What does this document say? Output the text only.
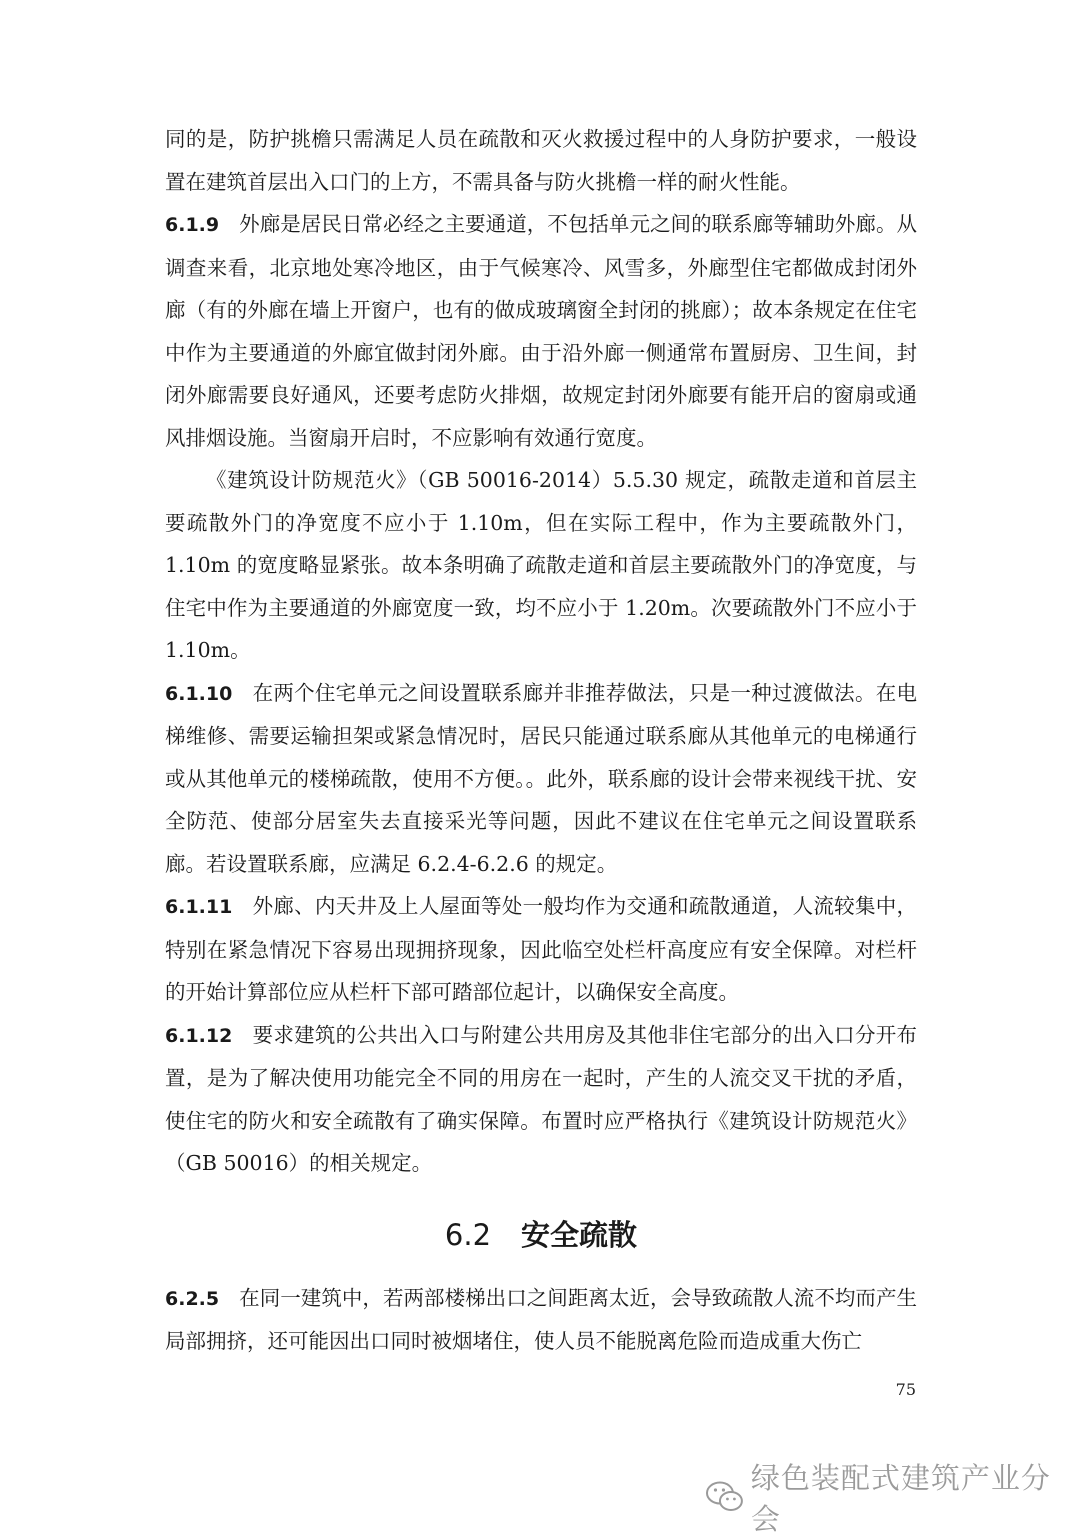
同的是，防护挑檐只需满足人员在疏散和灭火救援过程中的人身防护要求，一般设置在建筑首层出入口门的上方，不需具备与防火挑檐一样的耐火性能。

6.1.9 外廊是居民日常必经之主要通道，不包括单元之间的联系廊等辅助外廊。从调查来看，北京地处寒冷地区，由于气候寒冷、风雪多，外廊型住宅都做成封闭外廊（有的外廊在墙上开窗户，也有的做成玻璃窗全封闭的挑廊）；故本条规定在住宅中作为主要通道的外廊宜做封闭外廊。由于沿外廊一侧通常布置厨房、卫生间，封闭外廊需要良好通风，还要考虑防火排烟，故规定封闭外廊要有能开启的窗扇或通风排烟设施。当窗扇开启时，不应影响有效通行宽度。

《建筑设计防规范火》（GB 50016-2014）5.5.30 规定，疏散走道和首层主要疏散外门的净宽度不应小于 1.10m，但在实际工程中，作为主要疏散外门，1.10m 的宽度略显紧张。故本条明确了疏散走道和首层主要疏散外门的净宽度，与住宅中作为主要通道的外廊宽度一致，均不应小于 1.20m。次要疏散外门不应小于 1.10m。

6.1.10 在两个住宅单元之间设置联系廊并非推荐做法，只是一种过渡做法。在电梯维修、需要运输担架或紧急情况时，居民只能通过联系廊从其他单元的电梯通行或从其他单元的楼梯疏散，使用不方便。。此外，联系廊的设计会带来视线干扰、安全防范、使部分居室失去直接采光等问题，因此不建议在住宅单元之间设置联系廊。若设置联系廊，应满足 6.2.4-6.2.6 的规定。

6.1.11 外廊、内天井及上人屋面等处一般均作为交通和疏散通道，人流较集中，特别在紧急情况下容易出现拥挤现象，因此临空处栏杆高度应有安全保障。对栏杆的开始计算部位应从栏杆下部可踏部位起计，以确保安全高度。

6.1.12 要求建筑的公共出入口与附建公共用房及其他非住宅部分的出入口分开布置，是为了解决使用功能完全不同的用房在一起时，产生的人流交叉干扰的矛盾，使住宅的防火和安全疏散有了确实保障。布置时应严格执行《建筑设计防规范火》（GB 50016）的相关规定。

6.2 安全疏散

6.2.5 在同一建筑中，若两部楼梯出口之间距离太近，会导致疏散人流不均而产生局部拥挤，还可能因出口同时被烟堵住，使人员不能脱离危险而造成重大伤亡

75
绿色装配式建筑产业分会
